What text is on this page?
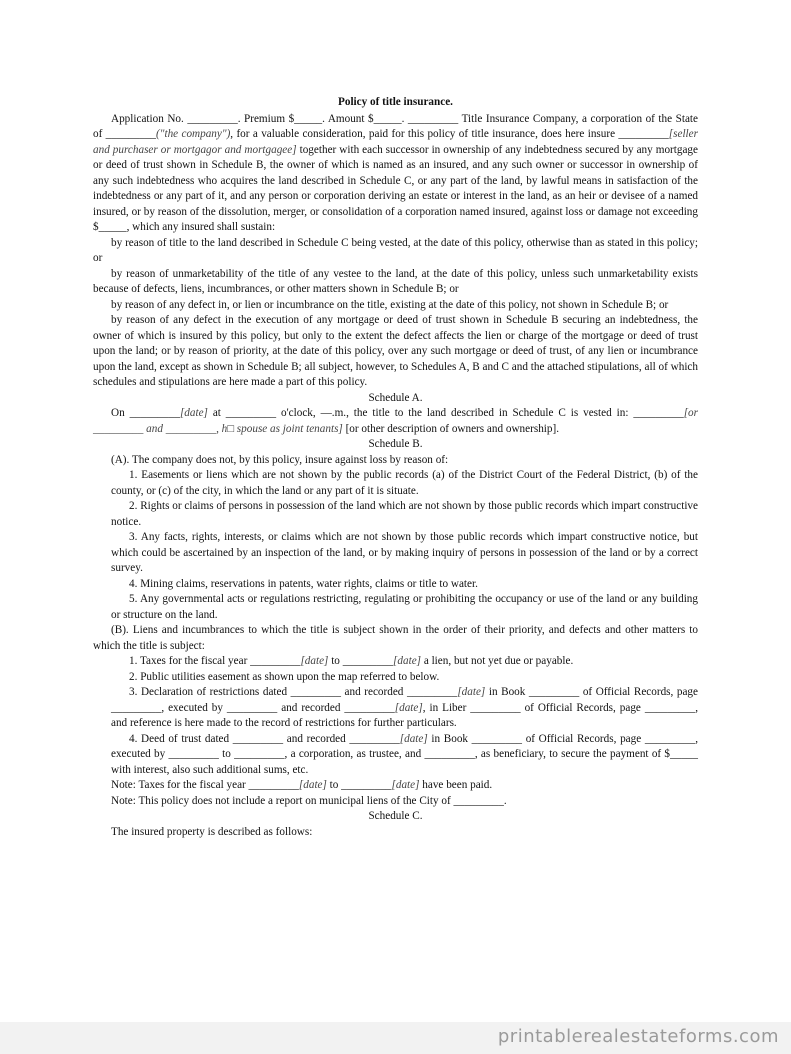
Policy of title insurance.

Application No. _________. Premium $_____. Amount $_____. _________ Title Insurance Company, a corporation of the State of _________("the company"), for a valuable consideration, paid for this policy of title insurance, does here insure _________[seller and purchaser or mortgagor and mortgagee] together with each successor in ownership of any indebtedness secured by any mortgage or deed of trust shown in Schedule B, the owner of which is named as an insured, and any such owner or successor in ownership of any such indebtedness who acquires the land described in Schedule C, or any part of the land, by lawful means in satisfaction of the indebtedness or any part of it, and any person or corporation deriving an estate or interest in the land, as an heir or devisee of a named insured, or by reason of the dissolution, merger, or consolidation of a corporation named insured, against loss or damage not exceeding $_____, which any insured shall sustain:

by reason of title to the land described in Schedule C being vested, at the date of this policy, otherwise than as stated in this policy; or

by reason of unmarketability of the title of any vestee to the land, at the date of this policy, unless such unmarketability exists because of defects, liens, incumbrances, or other matters shown in Schedule B; or

by reason of any defect in, or lien or incumbrance on the title, existing at the date of this policy, not shown in Schedule B; or

by reason of any defect in the execution of any mortgage or deed of trust shown in Schedule B securing an indebtedness, the owner of which is insured by this policy, but only to the extent the defect affects the lien or charge of the mortgage or deed of trust upon the land; or by reason of priority, at the date of this policy, over any such mortgage or deed of trust, of any lien or incumbrance upon the land, except as shown in Schedule B; all subject, however, to Schedules A, B and C and the attached stipulations, all of which schedules and stipulations are here made a part of this policy.

Schedule A.

On _________[date] at _________ o'clock, —.m., the title to the land described in Schedule C is vested in: _________[or _________ and _________, h□ spouse as joint tenants] [or other description of owners and ownership].

Schedule B.

(A). The company does not, by this policy, insure against loss by reason of:

1. Easements or liens which are not shown by the public records (a) of the District Court of the Federal District, (b) of the county, or (c) of the city, in which the land or any part of it is situate.

2. Rights or claims of persons in possession of the land which are not shown by those public records which impart constructive notice.

3. Any facts, rights, interests, or claims which are not shown by those public records which impart constructive notice, but which could be ascertained by an inspection of the land, or by making inquiry of persons in possession of the land or by a correct survey.

4. Mining claims, reservations in patents, water rights, claims or title to water.

5. Any governmental acts or regulations restricting, regulating or prohibiting the occupancy or use of the land or any building or structure on the land.

(B). Liens and incumbrances to which the title is subject shown in the order of their priority, and defects and other matters to which the title is subject:

1. Taxes for the fiscal year _________[date] to _________[date] a lien, but not yet due or payable.

2. Public utilities easement as shown upon the map referred to below.

3. Declaration of restrictions dated _________ and recorded _________[date] in Book _________ of Official Records, page _________, executed by _________ and recorded _________[date], in Liber _________ of Official Records, page _________, and reference is here made to the record of restrictions for further particulars.

4. Deed of trust dated _________ and recorded _________[date] in Book _________ of Official Records, page _________, executed by _________ to _________, a corporation, as trustee, and _________, as beneficiary, to secure the payment of $_____ with interest, also such additional sums, etc.

Note: Taxes for the fiscal year _________[date] to _________[date] have been paid.

Note: This policy does not include a report on municipal liens of the City of _________.

Schedule C.

The insured property is described as follows:

printablerealestateforms.com
